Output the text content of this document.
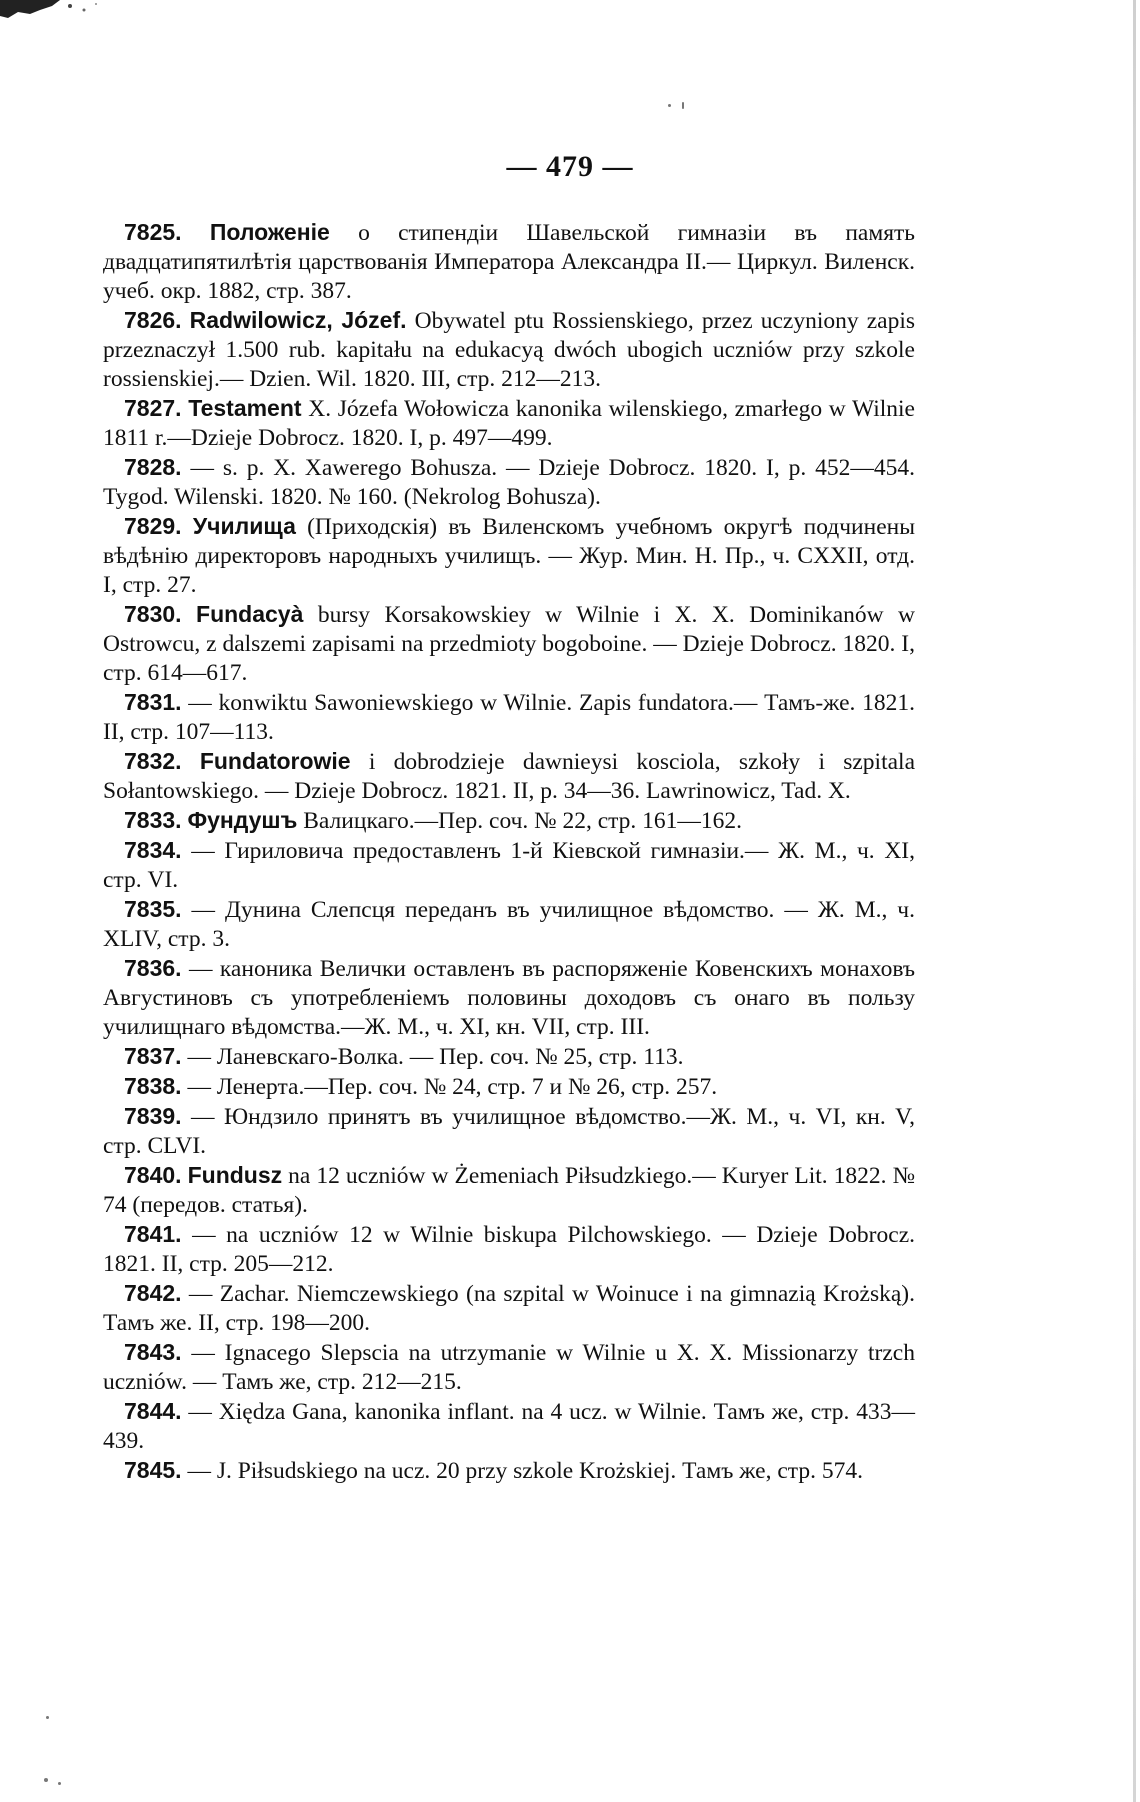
— 479 —

7825. Положеніе о стипендіи Шавельской гимназіи въ память двадцатипятилѣтія царствованія Императора Александра II.— Циркул. Виленск. учеб. окр. 1882, стр. 387.

7826. Radwilowicz, Józef. Obywatel ptu Rossienskiego, przez uczyniony zapis przeznaczył 1.500 rub. kapitału na edukacyą dwóch ubogich uczniów przy szkole rossienskiej.— Dzien. Wil. 1820. III, стр. 212—213.

7827. Testament X. Józefa Wołowicza kanonika wilenskiego, zmarłego w Wilnie 1811 r.—Dzieje Dobrocz. 1820. I, p. 497—499.

7828. — s. p. X. Xawerego Bohusza. — Dzieje Dobrocz. 1820. I, p. 452—454. Tygod. Wilenski. 1820. № 160. (Nekrolog Bohusza).

7829. Училища (Приходскія) въ Виленскомъ учебномъ округѣ подчинены вѣдѣнію директоровъ народныхъ училищъ. — Жур. Мин. Н. Пр., ч. CXXII, отд. I, стр. 27.

7830. Fundacyà bursy Korsakowskiey w Wilnie i X. X. Dominikanów w Ostrowcu, z dalszemi zapisami na przedmioty bogoboine. — Dzieje Dobrocz. 1820. I, стр. 614—617.

7831. — konwiktu Sawoniewskiego w Wilnie. Zapis fundatora.— Тамъ-же. 1821. II, стр. 107—113.

7832. Fundatorowie i dobrodzieje dawnieysi kosciola, szkoły i szpitala Sołantowskiego. — Dzieje Dobrocz. 1821. II, p. 34—36. Lawrinowicz, Tad. X.

7833. Фундушъ Валицкаго.—Пер. соч. № 22, стр. 161—162.

7834. — Гириловича предоставленъ 1-й Кіевской гимназіи.— Ж. М., ч. XI, стр. VI.

7835. — Дунина Слепсця переданъ въ училищное вѣдомство. — Ж. М., ч. XLIV, стр. 3.

7836. — каноника Велички оставленъ въ распоряженіе Ковенскихъ монаховъ Августиновъ съ употребленіемъ половины доходовъ съ онаго въ пользу училищнаго вѣдомства.—Ж. М., ч. XI, кн. VII, стр. III.

7837. — Ланевскаго-Волка. — Пер. соч. № 25, стр. 113.

7838. — Ленерта.—Пер. соч. № 24, стр. 7 и № 26, стр. 257.

7839. — Юндзило принятъ въ училищное вѣдомство.—Ж. М., ч. VI, кн. V, стр. CLVI.

7840. Fundusz na 12 uczniów w Żemeniach Piłsudzkiego.— Kuryer Lit. 1822. № 74 (передов. статья).

7841. — na uczniów 12 w Wilnie biskupa Pilchowskiego. — Dzieje Dobrocz. 1821. II, стр. 205—212.

7842. — Zachar. Niemczewskiego (na szpital w Woinuce i na gimnazią Krożską). Тамъ же. II, стр. 198—200.

7843. — Ignacego Slepscia na utrzymanie w Wilnie u X. X. Missionarzy trzch uczniów. — Тамъ же, стр. 212—215.

7844. — Xiędza Gana, kanonika inflant. na 4 ucz. w Wilnie. Тамъ же, стр. 433—439.

7845. — J. Piłsudskiego na ucz. 20 przy szkole Krożskiej. Тамъ же, стр. 574.
